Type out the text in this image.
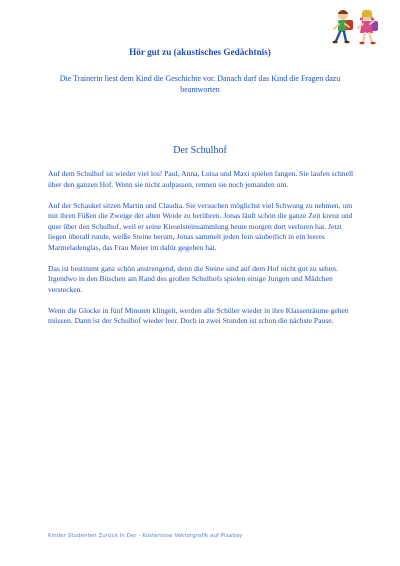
Hör gut zu (akustisches Gedächtnis)
Die Trainerin liest dem Kind die Geschichte vor. Danach darf das Kind die Fragen dazu beantworten
Der Schulhof

Auf dem Schulhof ist wieder viel los! Paul, Anna, Luisa und Maxi spielen fangen. Sie laufen schnell über den ganzen Hof. Wenn sie nicht aufpassen, rennen sie noch jemanden um.

Auf der Schaukel sitzen Martin und Claudia. Sie versuchen möglichst viel Schwung zu nehmen, um mit ihren Füßen die Zweige der alten Weide zu berühren. Jonas läuft schon die ganze Zeit kreuz und quer über den Schulhof, weil er seine Kieselsteinsammlung heute morgen dort verloren hat. Jetzt liegen überall runde, weiße Steine herum, Jonas sammelt jeden fein säuberlich in ein leeres Marmeladenglas, das Frau Meier im dafür gegeben hat.

Das ist bestimmt ganz schön anstrengend, denn die Steine sind auf dem Hof nicht gut zu sehen. Irgendwo in den Büschen am Rand des großen Schulhofs spielen einige Jungen und Mädchen verstecken.

Wenn die Glocke in fünf Minuten klingelt, werden alle Schüler wieder in ihre Klassenräume gehen müssen. Dann ist der Schulhof wieder leer. Doch in zwei Stunden ist schon die nächste Pause.

Kinder Studenten Zurück In Der - Kostenlose Vektorgrafik auf Pixabay
